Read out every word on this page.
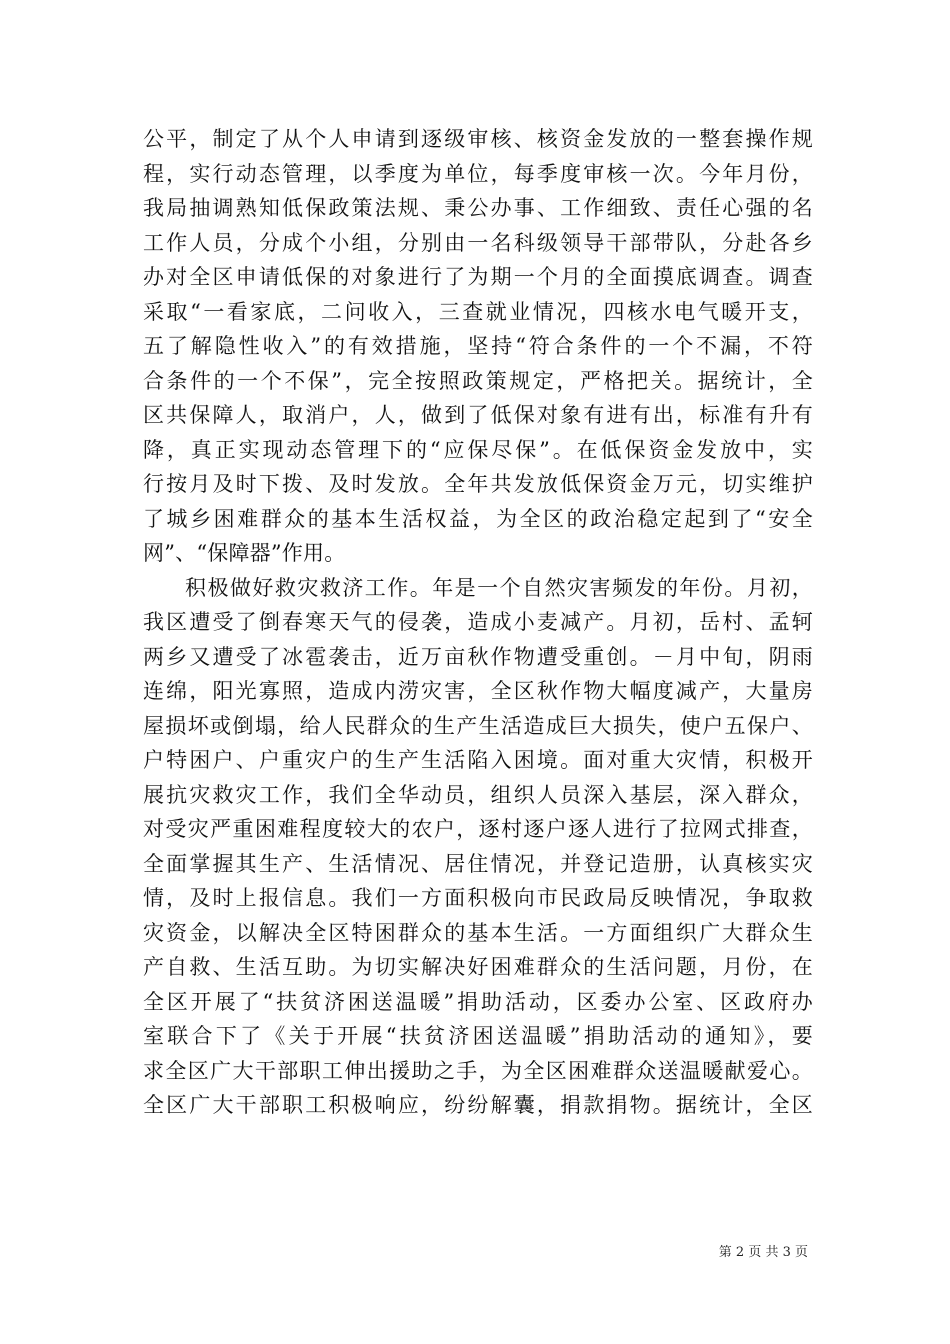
公平，制定了从个人申请到逐级审核、核资金发放的一整套操作规
程，实行动态管理，以季度为单位，每季度审核一次。今年月份，
我局抽调熟知低保政策法规、秉公办事、工作细致、责任心强的名
工作人员，分成个小组，分别由一名科级领导干部带队，分赴各乡
办对全区申请低保的对象进行了为期一个月的全面摸底调查。调查
采取“一看家底，二问收入，三查就业情况，四核水电气暖开支，
五了解隐性收入”的有效措施，坚持“符合条件的一个不漏，不符
合条件的一个不保”，完全按照政策规定，严格把关。据统计，全
区共保障人，取消户，人，做到了低保对象有进有出，标准有升有
降，真正实现动态管理下的“应保尽保”。在低保资金发放中，实
行按月及时下拨、及时发放。全年共发放低保资金万元，切实维护
了城乡困难群众的基本生活权益，为全区的政治稳定起到了“安全
网”、“保障器”作用。
积极做好救灾救济工作。年是一个自然灾害频发的年份。月初，
我区遭受了倒春寒天气的侵袭，造成小麦减产。月初，岳村、孟轲
两乡又遭受了冰雹袭击，近万亩秋作物遭受重创。－月中旬，阴雨
连绵，阳光寡照，造成内涝灾害，全区秋作物大幅度减产，大量房
屋损坏或倒塌，给人民群众的生产生活造成巨大损失，使户五保户、
户特困户、户重灾户的生产生活陷入困境。面对重大灾情，积极开
展抗灾救灾工作，我们全华动员，组织人员深入基层，深入群众，
对受灾严重困难程度较大的农户，逐村逐户逐人进行了拉网式排查，
全面掌握其生产、生活情况、居住情况，并登记造册，认真核实灾
情，及时上报信息。我们一方面积极向市民政局反映情况，争取救
灾资金，以解决全区特困群众的基本生活。一方面组织广大群众生
产自救、生活互助。为切实解决好困难群众的生活问题，月份，在
全区开展了“扶贫济困送温暖”捐助活动，区委办公室、区政府办
室联合下了《关于开展“扶贫济困送温暖”捐助活动的通知》，要
求全区广大干部职工伸出援助之手，为全区困难群众送温暖献爱心。
全区广大干部职工积极响应，纷纷解囊，捐款捐物。据统计，全区
第 2 页 共 3 页
